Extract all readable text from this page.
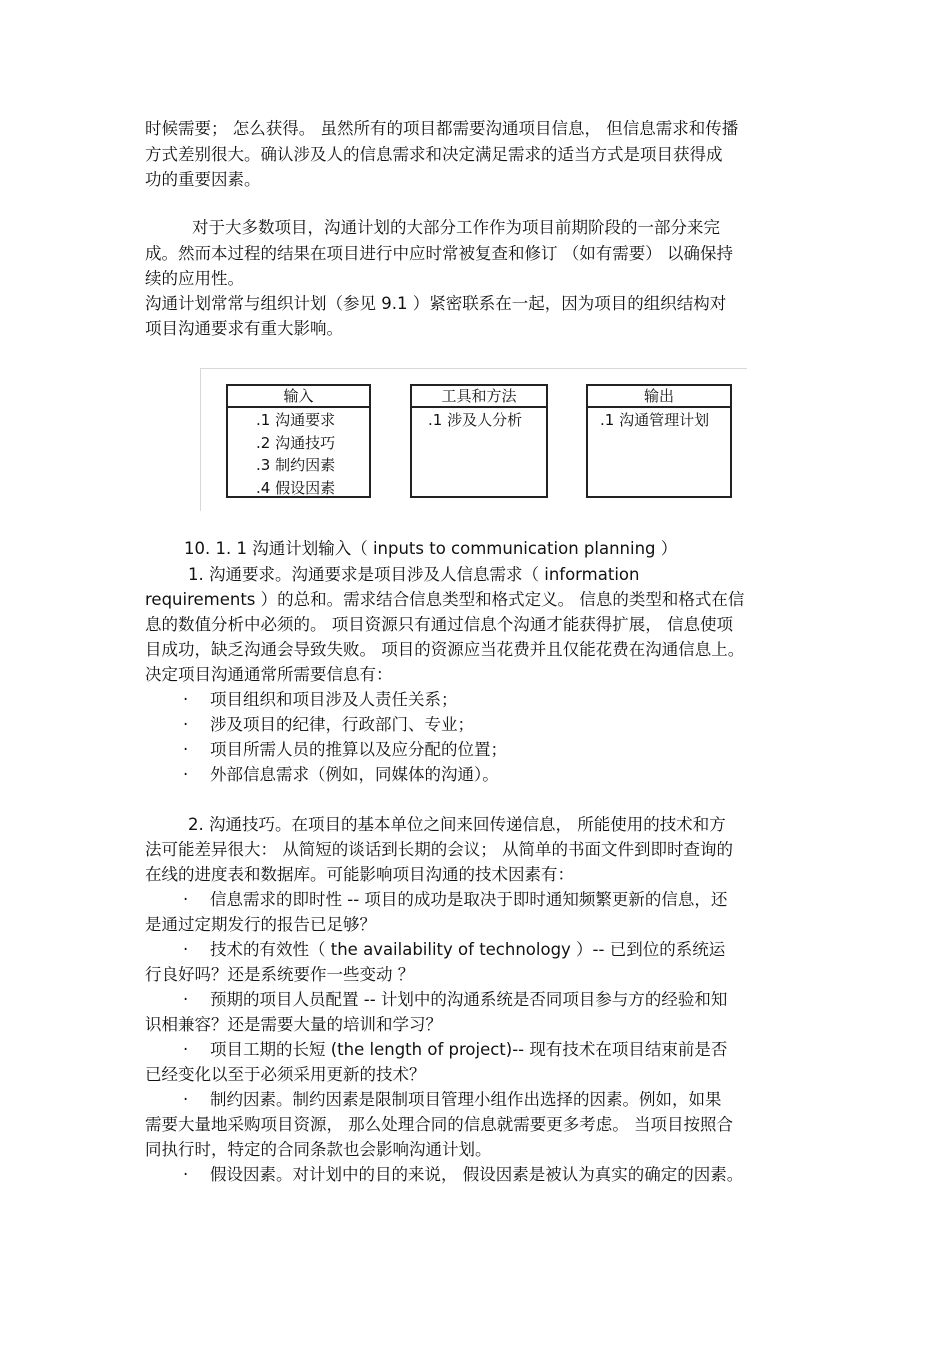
时候需要； 怎么获得。 虽然所有的项目都需要沟通项目信息， 但信息需求和传播
方式差别很大。确认涉及人的信息需求和决定满足需求的适当方式是项目获得成
功的重要因素。
对于大多数项目，沟通计划的大部分工作作为项目前期阶段的一部分来完
成。然而本过程的结果在项目进行中应时常被复查和修订 （如有需要） 以确保持
续的应用性。
沟通计划常常与组织计划（参见 9.1 ）紧密联系在一起，因为项目的组织结构对
项目沟通要求有重大影响。
输入
.1 沟通要求
.2 沟通技巧
.3 制约因素
.4 假设因素
工具和方法
.1 涉及人分析
输出
.1 沟通管理计划
10. 1. 1 沟通计划输入（ inputs to communication planning ）
1. 沟通要求。沟通要求是项目涉及人信息需求（ information
requirements ）的总和。需求结合信息类型和格式定义。 信息的类型和格式在信
息的数值分析中必须的。 项目资源只有通过信息个沟通才能获得扩展， 信息使项
目成功，缺乏沟通会导致失败。 项目的资源应当花费并且仅能花费在沟通信息上。
决定项目沟通通常所需要信息有：
· 项目组织和项目涉及人责任关系；
· 涉及项目的纪律，行政部门、专业；
· 项目所需人员的推算以及应分配的位置；
· 外部信息需求（例如，同媒体的沟通）。
2. 沟通技巧。在项目的基本单位之间来回传递信息， 所能使用的技术和方
法可能差异很大： 从简短的谈话到长期的会议； 从简单的书面文件到即时查询的
在线的进度表和数据库。可能影响项目沟通的技术因素有：
· 信息需求的即时性 -- 项目的成功是取决于即时通知频繁更新的信息，还
是通过定期发行的报告已足够？
· 技术的有效性（ the availability of technology ）-- 已到位的系统运
行良好吗？还是系统要作一些变动 ？
· 预期的项目人员配置 -- 计划中的沟通系统是否同项目参与方的经验和知
识相兼容？还是需要大量的培训和学习？
· 项目工期的长短 (the length of project)-- 现有技术在项目结束前是否
已经变化以至于必须采用更新的技术？
· 制约因素。制约因素是限制项目管理小组作出选择的因素。例如，如果
需要大量地采购项目资源， 那么处理合同的信息就需要更多考虑。 当项目按照合
同执行时，特定的合同条款也会影响沟通计划。
· 假设因素。对计划中的目的来说， 假设因素是被认为真实的确定的因素。
